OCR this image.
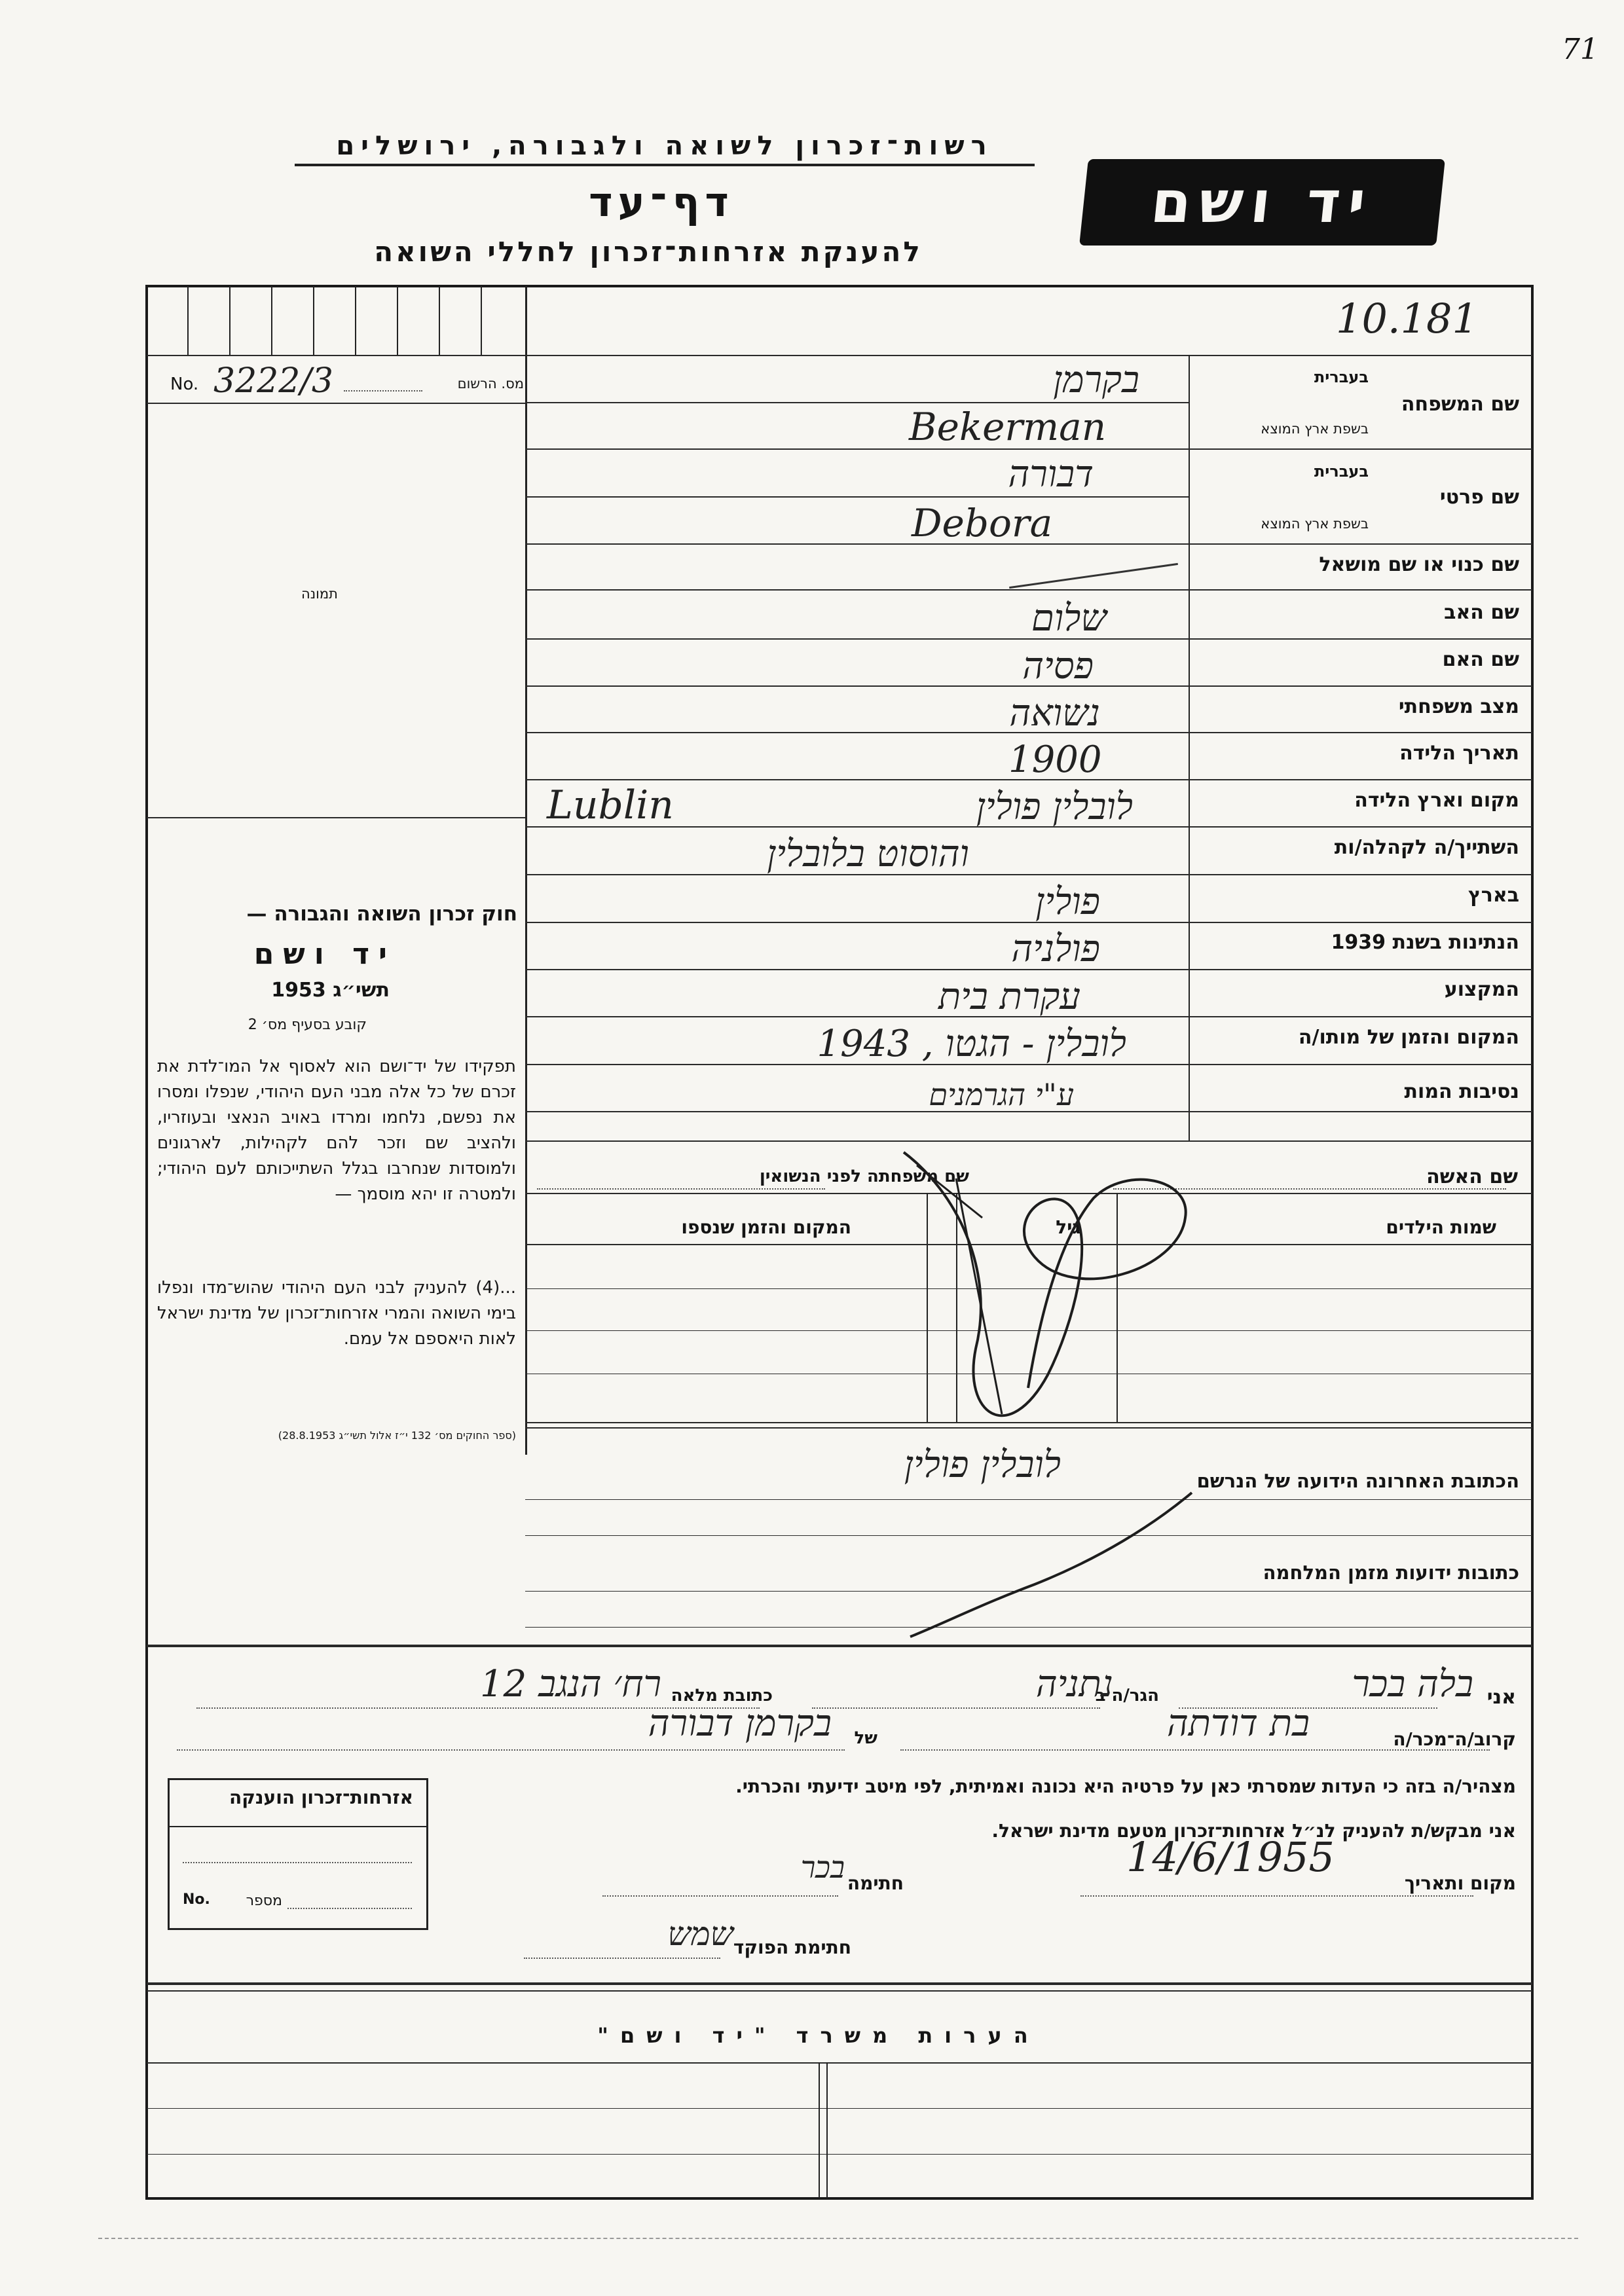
71
רשות־זכרון לשואה ולגבורה, ירושלים
דף־עד
להענקת אזרחות־זכרון לחללי השואה
יד ושם
10.181
No. 3222/3	מס. הרשום
תמונה
חוק זכרון השואה והגבורה —
יד ושם
תשי״ג 1953
קובע בסעיף מס׳ 2
תפקידו של יד־ושם הוא לאסוף אל המו־לדת את זכרם של כל אלה מבני העם היהודי, שנפלו ומסרו את נפשם, נלחמו ומרדו באויב הנאצי ובעוזריו, ולהציב שם וזכר להם לקהילות, לארגונים ולמוסדות שנחרבו בגלל השתייכותם לעם היהודי; ולמטרה זו יהא מוסמך —
...(4) להעניק לבני העם היהודי שהוש־מדו ונפלו בימי השואה והמרי אזרחות־זכרון של מדינת ישראל לאות היאספם אל עמם.
(ספר החוקים מס׳ 132 י״ז אלול תשי״ג 28.8.1953)
שם המשפחה
בעברית
בשפת ארץ המוצא
בקרמן
Bekerman
שם פרטי
בעברית
בשפת ארץ המוצא
דבורה
Debora
שם כנוי או שם מושאל
שם האב
שלום
שם האם
פסיה
מצב משפחתי
נשואה
תאריך הלידה
1900
מקום וארץ הלידה
לובלין פולין
Lublin
השתייך/ה לקהלה/ות
והוסוט בלובלין
בארץ
פולין
הנתינות בשנת 1939
פולניה
המקצוע
עקרת בית
המקום והזמן של מותו/ה
לובלין - הגטו , 1943
נסיבות המות
ע"י הגרמנים
שם האשה
שם משפחתה לפני הנשואין
שמות הילדים
גיל
המקום והזמן שנספו
הכתובת האחרונה הידועה של הנרשם
לובלין פולין
כתובות ידועות מזמן המלחמה
אני
בלה בכר
הגר/ה ב
נתניה
כתובת מלאה
רח׳ הנגב 12
קרוב/ה־מכר/ה
בת דודתה
של
בקרמן דבורה
מצהיר/ה בזה כי העדות שמסרתי כאן על פרטיה היא נכונה ואמיתית, לפי מיטב ידיעתי והכרתי.
אני מבקש/ת להעניק לנ״ל אזרחות־זכרון מטעם מדינת ישראל.
מקום ותאריך
14/6/1955
חתימה
בכר
חתימת הפוקד
שמש
אזרחות־זכרון הוענקה
No. מספר
הערות משרד "יד ושם"
